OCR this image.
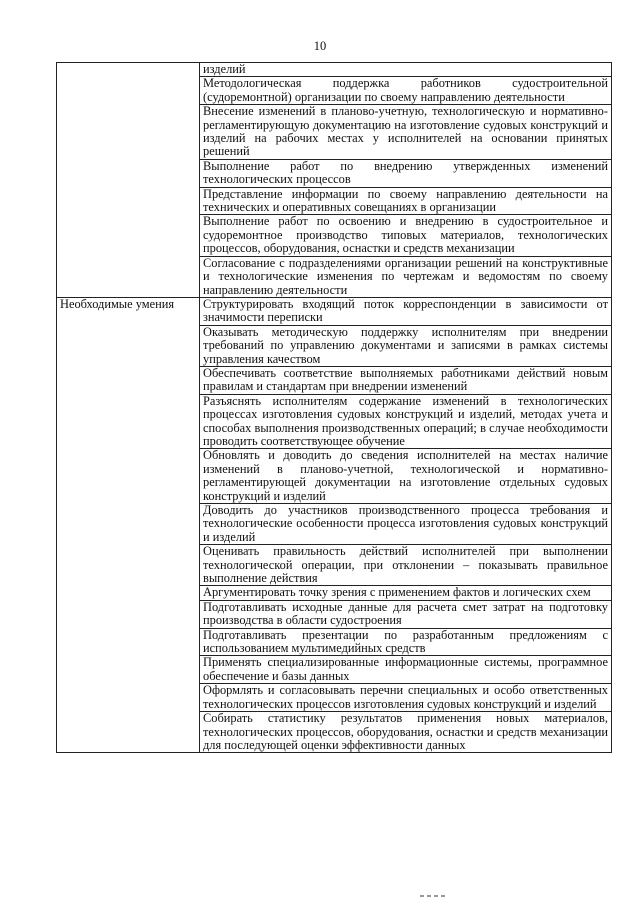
10
	изделий
	Методологическая поддержка работников судостроительной (судоремонтной) организации по своему направлению деятельности
	Внесение изменений в планово-учетную, технологическую и нормативно-регламентирующую документацию на изготовление судовых конструкций и изделий на рабочих местах у исполнителей на основании принятых решений
	Выполнение работ по внедрению утвержденных изменений технологических процессов
	Представление информации по своему направлению деятельности на технических и оперативных совещаниях в организации
	Выполнение работ по освоению и внедрению в судостроительное и судоремонтное производство типовых материалов, технологических процессов, оборудования, оснастки и средств механизации
	Согласование с подразделениями организации решений на конструктивные и технологические изменения по чертежам и ведомостям по своему направлению деятельности
Необходимые умения	Структурировать входящий поток корреспонденции в зависимости от значимости переписки
	Оказывать методическую поддержку исполнителям при внедрении требований по управлению документами и записями в рамках системы управления качеством
	Обеспечивать соответствие выполняемых работниками действий новым правилам и стандартам при внедрении изменений
	Разъяснять исполнителям содержание изменений в технологических процессах изготовления судовых конструкций и изделий, методах учета и способах выполнения производственных операций; в случае необходимости проводить соответствующее обучение
	Обновлять и доводить до сведения исполнителей на местах наличие изменений в планово-учетной, технологической и нормативно-регламентирующей документации на изготовление отдельных судовых конструкций и изделий
	Доводить до участников производственного процесса требования и технологические особенности процесса изготовления судовых конструкций и изделий
	Оценивать правильность действий исполнителей при выполнении технологической операции, при отклонении – показывать правильное выполнение действия
	Аргументировать точку зрения с применением фактов и логических схем
	Подготавливать исходные данные для расчета смет затрат на подготовку производства в области судостроения
	Подготавливать презентации по разработанным предложениям с использованием мультимедийных средств
	Применять специализированные информационные системы, программное обеспечение и базы данных
	Оформлять и согласовывать перечни специальных и особо ответственных технологических процессов изготовления судовых конструкций и изделий
	Собирать статистику результатов применения новых материалов, технологических процессов, оборудования, оснастки и средств механизации для последующей оценки эффективности данных
